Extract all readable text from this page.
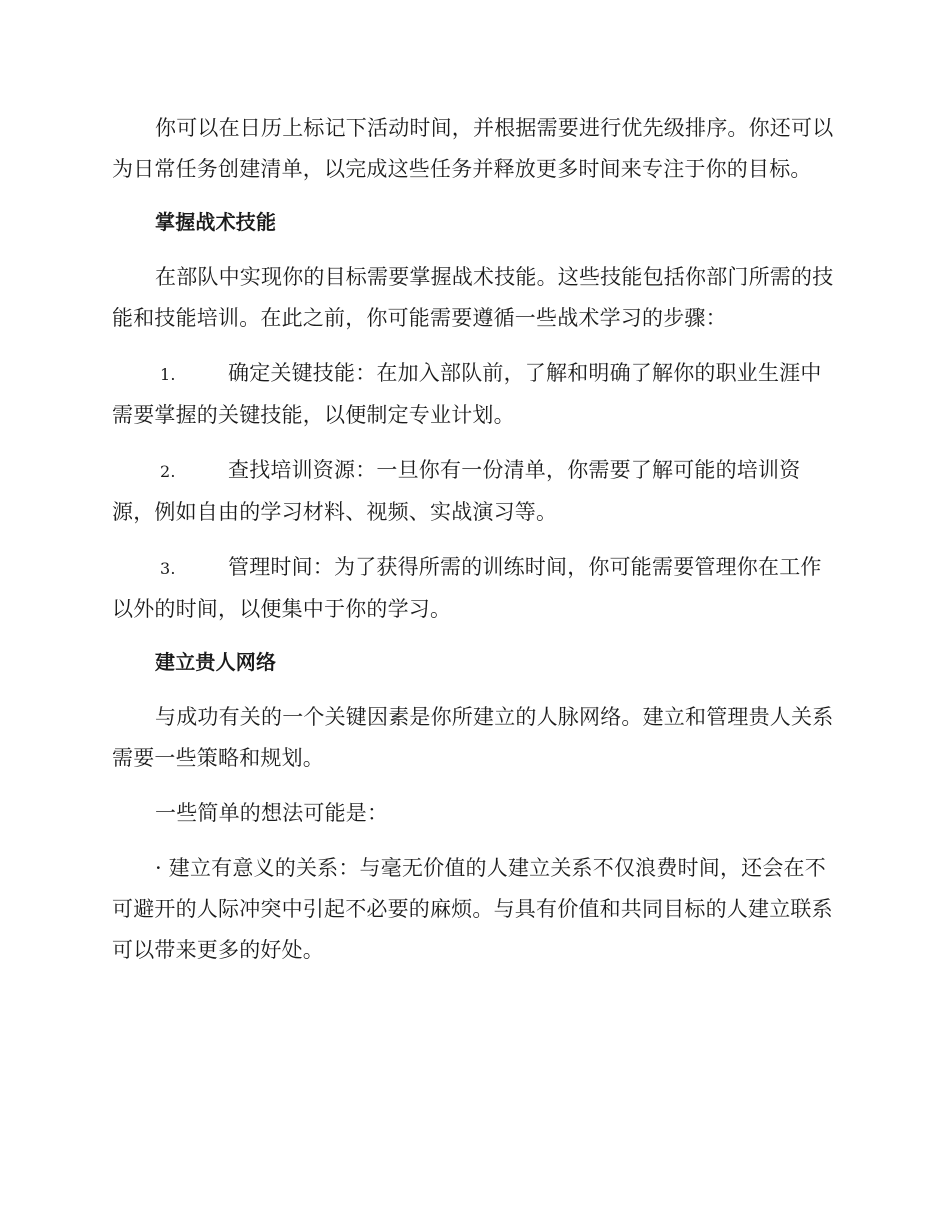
你可以在日历上标记下活动时间，并根据需要进行优先级排序。你还可以为日常任务创建清单，以完成这些任务并释放更多时间来专注于你的目标。

掌握战术技能

在部队中实现你的目标需要掌握战术技能。这些技能包括你部门所需的技能和技能培训。在此之前，你可能需要遵循一些战术学习的步骤：

1. 确定关键技能：在加入部队前，了解和明确了解你的职业生涯中需要掌握的关键技能，以便制定专业计划。

2. 查找培训资源：一旦你有一份清单，你需要了解可能的培训资源，例如自由的学习材料、视频、实战演习等。

3. 管理时间：为了获得所需的训练时间，你可能需要管理你在工作以外的时间，以便集中于你的学习。

建立贵人网络

与成功有关的一个关键因素是你所建立的人脉网络。建立和管理贵人关系需要一些策略和规划。

一些简单的想法可能是：

· 建立有意义的关系：与毫无价值的人建立关系不仅浪费时间，还会在不可避开的人际冲突中引起不必要的麻烦。与具有价值和共同目标的人建立联系可以带来更多的好处。
